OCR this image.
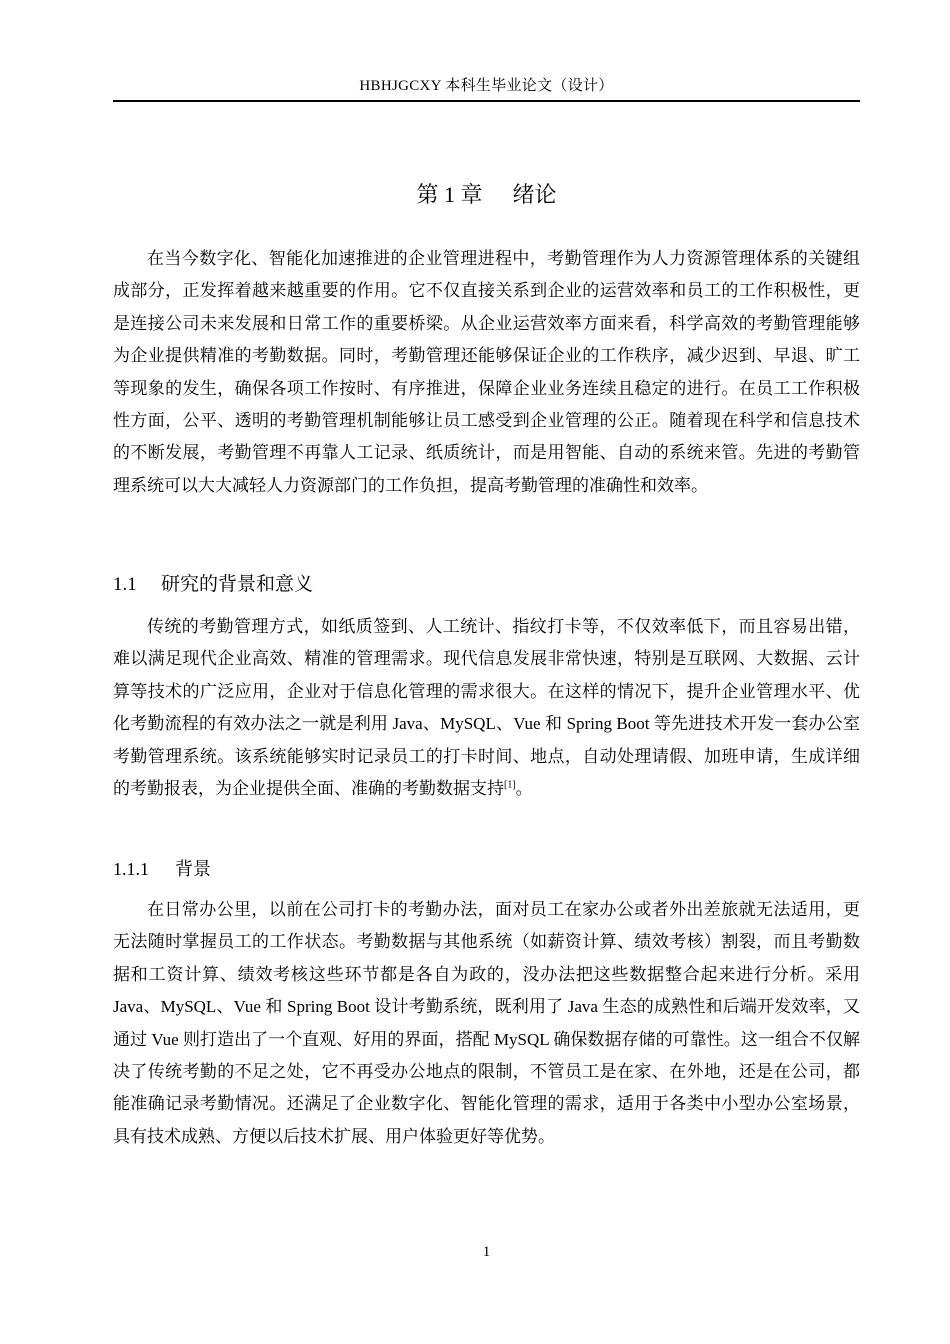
HBHJGCXY 本科生毕业论文（设计）
第 1 章 绪论

在当今数字化、智能化加速推进的企业管理进程中，考勤管理作为人力资源管理体系的关键组成部分，正发挥着越来越重要的作用。它不仅直接关系到企业的运营效率和员工的工作积极性，更是连接公司未来发展和日常工作的重要桥梁。从企业运营效率方面来看，科学高效的考勤管理能够为企业提供精准的考勤数据。同时，考勤管理还能够保证企业的工作秩序，减少迟到、早退、旷工等现象的发生，确保各项工作按时、有序推进，保障企业业务连续且稳定的进行。在员工工作积极性方面，公平、透明的考勤管理机制能够让员工感受到企业管理的公正。随着现在科学和信息技术的不断发展，考勤管理不再靠人工记录、纸质统计，而是用智能、自动的系统来管。先进的考勤管理系统可以大大减轻人力资源部门的工作负担，提高考勤管理的准确性和效率。

1.1 研究的背景和意义

传统的考勤管理方式，如纸质签到、人工统计、指纹打卡等，不仅效率低下，而且容易出错，难以满足现代企业高效、精准的管理需求。现代信息发展非常快速，特别是互联网、大数据、云计算等技术的广泛应用，企业对于信息化管理的需求很大。在这样的情况下，提升企业管理水平、优化考勤流程的有效办法之一就是利用 Java、MySQL、Vue 和 Spring Boot 等先进技术开发一套办公室考勤管理系统。该系统能够实时记录员工的打卡时间、地点，自动处理请假、加班申请，生成详细的考勤报表，为企业提供全面、准确的考勤数据支持[1]。

1.1.1 背景

在日常办公里，以前在公司打卡的考勤办法，面对员工在家办公或者外出差旅就无法适用，更无法随时掌握员工的工作状态。考勤数据与其他系统（如薪资计算、绩效考核）割裂，而且考勤数据和工资计算、绩效考核这些环节都是各自为政的，没办法把这些数据整合起来进行分析。采用 Java、MySQL、Vue 和 Spring Boot 设计考勤系统，既利用了 Java 生态的成熟性和后端开发效率，又通过 Vue 则打造出了一个直观、好用的界面，搭配 MySQL 确保数据存储的可靠性。这一组合不仅解决了传统考勤的不足之处，它不再受办公地点的限制，不管员工是在家、在外地，还是在公司，都能准确记录考勤情况。还满足了企业数字化、智能化管理的需求，适用于各类中小型办公室场景，具有技术成熟、方便以后技术扩展、用户体验更好等优势。

1
